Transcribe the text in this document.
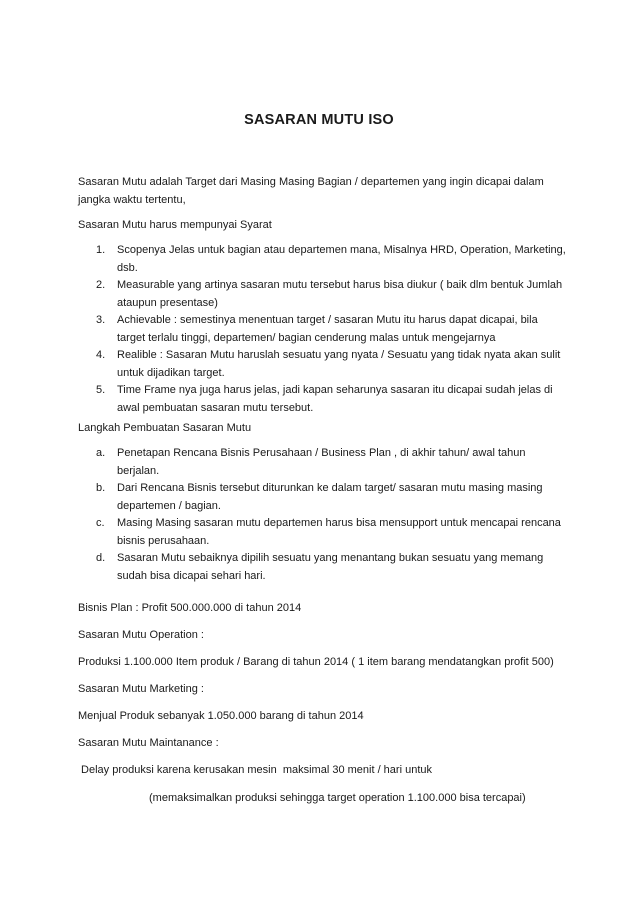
SASARAN MUTU ISO
Sasaran Mutu adalah Target dari Masing Masing Bagian / departemen yang ingin dicapai dalam jangka waktu tertentu,
Sasaran Mutu harus mempunyai Syarat
1. Scopenya Jelas untuk bagian atau departemen mana, Misalnya HRD, Operation, Marketing, dsb.
2. Measurable yang artinya sasaran mutu tersebut harus bisa diukur ( baik dlm bentuk Jumlah ataupun presentase)
3. Achievable : semestinya menentuan target / sasaran Mutu itu harus dapat dicapai, bila target terlalu tinggi, departemen/ bagian cenderung malas untuk mengejarnya
4. Realible : Sasaran Mutu haruslah sesuatu yang nyata / Sesuatu yang tidak nyata akan sulit untuk dijadikan target.
5. Time Frame nya juga harus jelas, jadi kapan seharunya sasaran itu dicapai sudah jelas di awal pembuatan sasaran mutu tersebut.
Langkah Pembuatan Sasaran Mutu
a. Penetapan Rencana Bisnis Perusahaan / Business Plan , di akhir tahun/ awal tahun berjalan.
b. Dari Rencana Bisnis tersebut diturunkan ke dalam target/ sasaran mutu masing masing departemen / bagian.
c. Masing Masing sasaran mutu departemen harus bisa mensupport untuk mencapai rencana bisnis perusahaan.
d. Sasaran Mutu sebaiknya dipilih sesuatu yang menantang bukan sesuatu yang memang sudah bisa dicapai sehari hari.
Bisnis Plan : Profit 500.000.000 di tahun 2014
Sasaran Mutu Operation :
Produksi 1.100.000 Item produk / Barang di tahun 2014 ( 1 item barang mendatangkan profit 500)
Sasaran Mutu Marketing :
Menjual Produk sebanyak 1.050.000 barang di tahun 2014
Sasaran Mutu Maintanance :
Delay produksi karena kerusakan mesin  maksimal 30 menit / hari untuk
(memaksimalkan produksi sehingga target operation 1.100.000 bisa tercapai)
